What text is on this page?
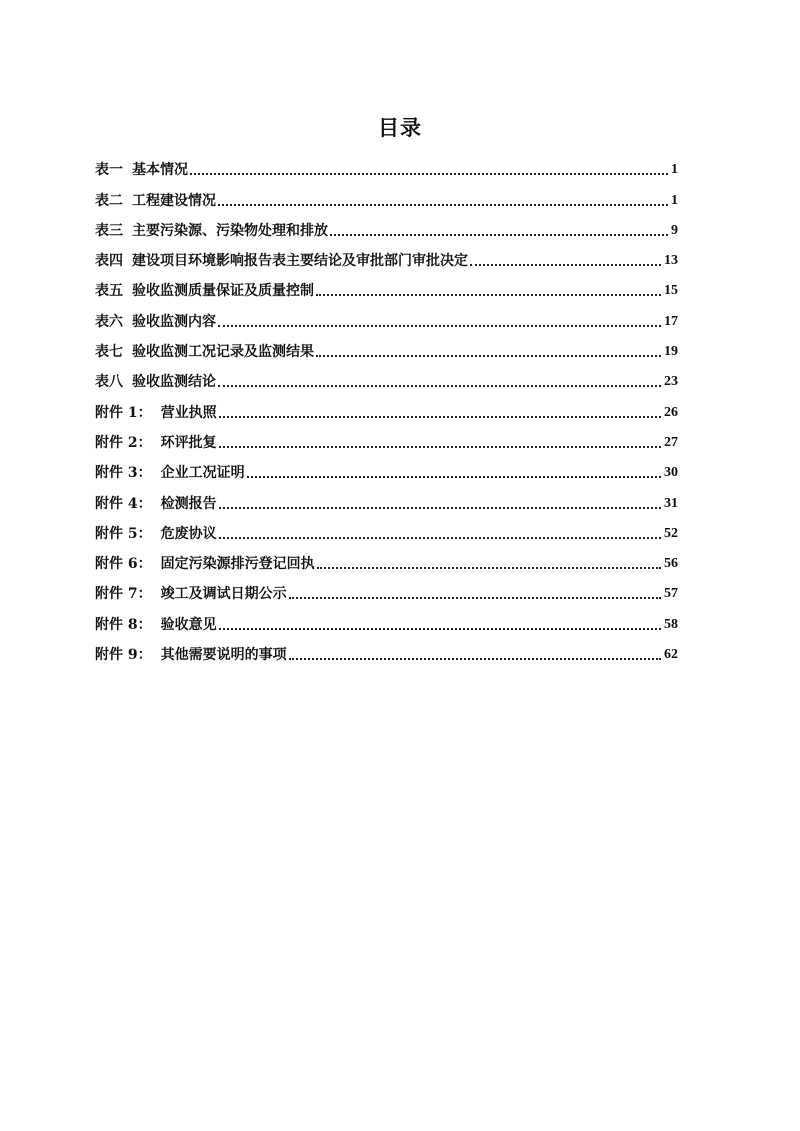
目录
表一 基本情况	1
表二 工程建设情况	1
表三 主要污染源、污染物处理和排放	9
表四 建设项目环境影响报告表主要结论及审批部门审批决定	13
表五 验收监测质量保证及质量控制	15
表六 验收监测内容	17
表七 验收监测工况记录及监测结果	19
表八 验收监测结论	23
附件 1： 营业执照	26
附件 2： 环评批复	27
附件 3： 企业工况证明	30
附件 4： 检测报告	31
附件 5： 危废协议	52
附件 6： 固定污染源排污登记回执	56
附件 7： 竣工及调试日期公示	57
附件 8： 验收意见	58
附件 9： 其他需要说明的事项	62
